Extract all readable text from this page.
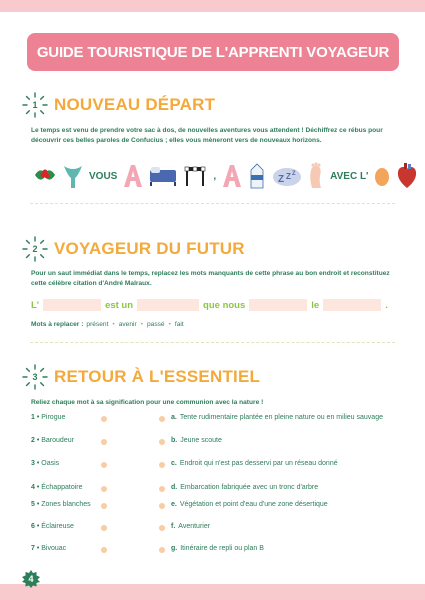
GUIDE TOURISTIQUE DE L'APPRENTI VOYAGEUR
1 NOUVEAU DÉPART
Le temps est venu de prendre votre sac à dos, de nouvelles aventures vous attendent ! Déchiffrez ce rébus pour découvrir ces belles paroles de Confucius ; elles vous mèneront vers de nouveaux horizons.
VOUS	,	Z Z Z	AVEC L'
2 VOYAGEUR DU FUTUR
Pour un saut immédiat dans le temps, replacez les mots manquants de cette phrase au bon endroit et reconstituez cette célèbre citation d'André Malraux.
L'	est un	que nous	le	.
Mots à replacer : présent • avenir • passé • fait
3 RETOUR À L'ESSENTIEL
Reliez chaque mot à sa signification pour une communion avec la nature !
1 • Pirogue
2 • Baroudeur
3 • Oasis
4 • Échappatoire
5 • Zones blanches
6 • Éclaireuse
7 • Bivouac
a. Tente rudimentaire plantée en pleine nature ou en milieu sauvage
b. Jeune scoute
c. Endroit qui n'est pas desservi par un réseau donné
d. Embarcation fabriquée avec un tronc d'arbre
e. Végétation et point d'eau d'une zone désertique
f. Aventurier
g. Itinéraire de repli ou plan B
4
